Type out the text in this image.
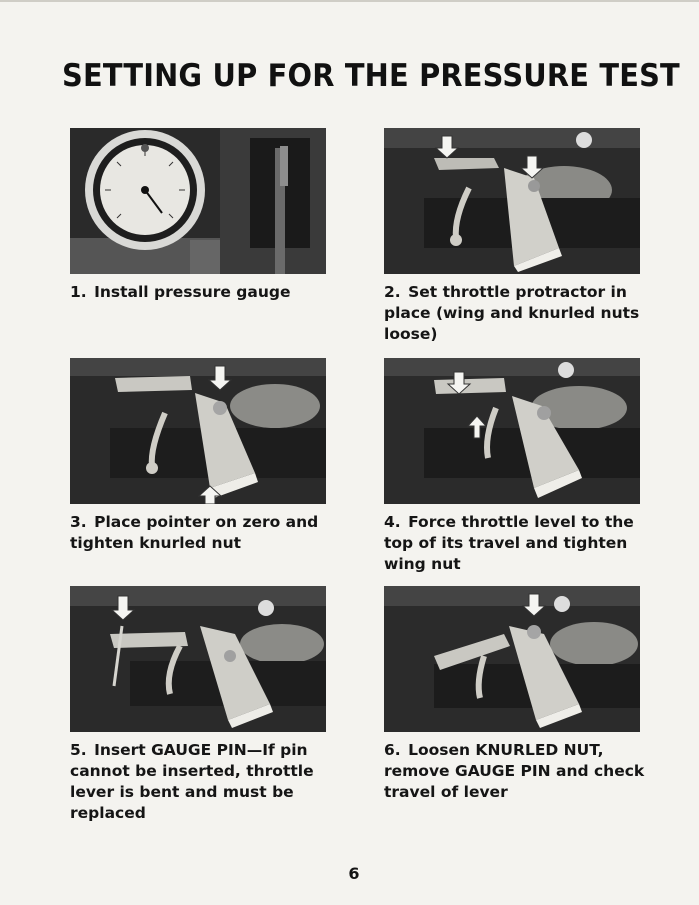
SETTING UP FOR THE PRESSURE TEST
1. Install pressure gauge	2. Set throttle protractor in place (wing and knurled nuts loose)
3. Place pointer on zero and tighten knurled nut
4. Force throttle level to the top of its travel and tighten wing nut
5. Insert GAUGE PIN—If pin cannot be inserted, throttle lever is bent and must be replaced
6. Loosen KNURLED NUT, remove GAUGE PIN and check travel of lever
6
